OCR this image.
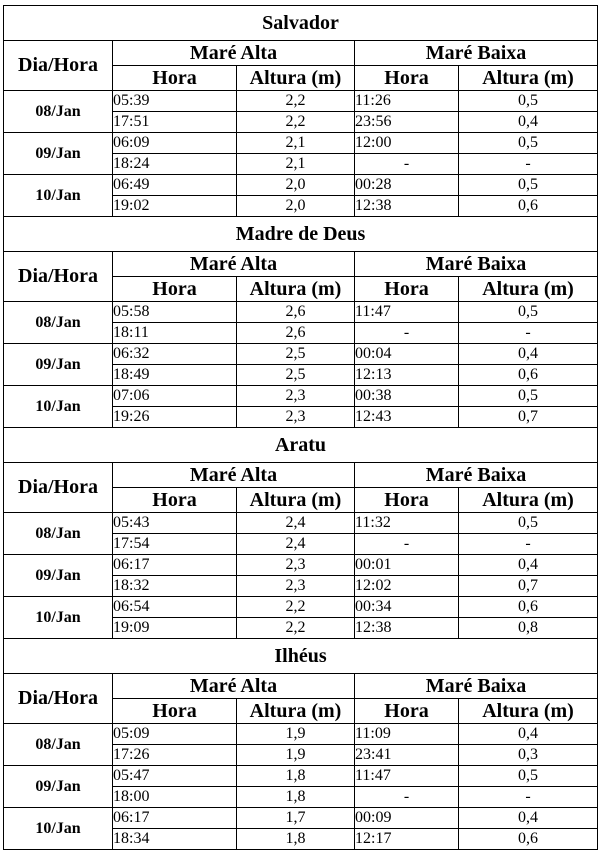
Salvador				
Dia/Hora	Maré Alta		Maré Baixa	
	Hora	Altura (m)	Hora	Altura (m)
08/Jan	05:39	2,2	11:26	0,5
	17:51	2,2	23:56	0,4
09/Jan	06:09	2,1	12:00	0,5
	18:24	2,1	-	-
10/Jan	06:49	2,0	00:28	0,5
	19:02	2,0	12:38	0,6
Madre de Deus				
Dia/Hora	Maré Alta		Maré Baixa	
	Hora	Altura (m)	Hora	Altura (m)
08/Jan	05:58	2,6	11:47	0,5
	18:11	2,6	-	-
09/Jan	06:32	2,5	00:04	0,4
	18:49	2,5	12:13	0,6
10/Jan	07:06	2,3	00:38	0,5
	19:26	2,3	12:43	0,7
Aratu				
Dia/Hora	Maré Alta		Maré Baixa	
	Hora	Altura (m)	Hora	Altura (m)
08/Jan	05:43	2,4	11:32	0,5
	17:54	2,4	-	-
09/Jan	06:17	2,3	00:01	0,4
	18:32	2,3	12:02	0,7
10/Jan	06:54	2,2	00:34	0,6
	19:09	2,2	12:38	0,8
Ilhéus				
Dia/Hora	Maré Alta		Maré Baixa	
	Hora	Altura (m)	Hora	Altura (m)
08/Jan	05:09	1,9	11:09	0,4
	17:26	1,9	23:41	0,3
09/Jan	05:47	1,8	11:47	0,5
	18:00	1,8	-	-
10/Jan	06:17	1,7	00:09	0,4
	18:34	1,8	12:17	0,6
